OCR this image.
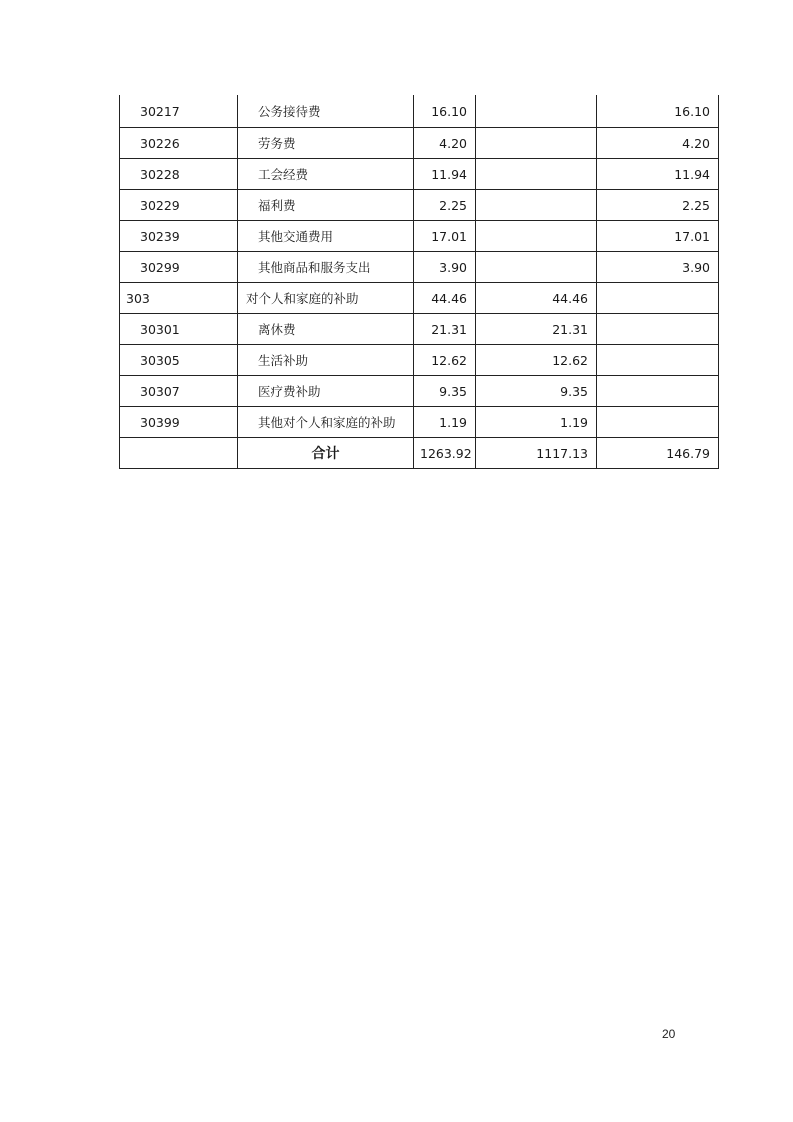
30217	公务接待费	16.10		16.10
30226	劳务费	4.20		4.20
30228	工会经费	11.94		11.94
30229	福利费	2.25		2.25
30239	其他交通费用	17.01		17.01
30299	其他商品和服务支出	3.90		3.90
303	对个人和家庭的补助	44.46	44.46	
30301	离休费	21.31	21.31	
30305	生活补助	12.62	12.62	
30307	医疗费补助	9.35	9.35	
30399	其他对个人和家庭的补助	1.19	1.19	
	合计	1263.92	1117.13	146.79
20
